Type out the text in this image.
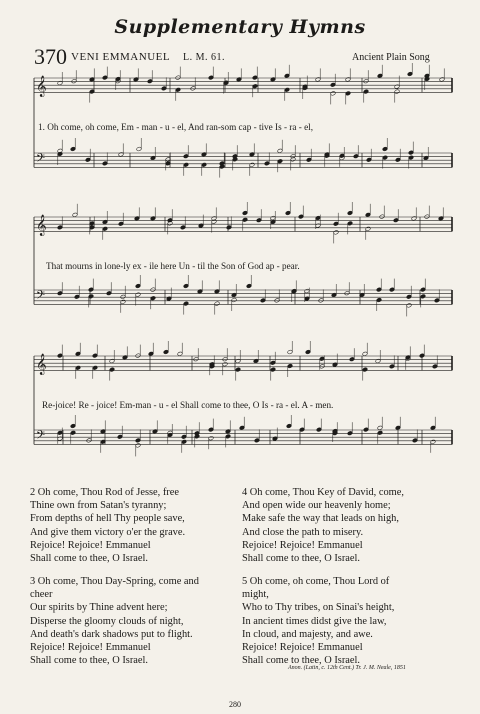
Supplementary Hymns
370 VENI EMMANUEL L. M. 61.	Ancient Plain Song
𝄞
𝄢
𝄞
𝄢
𝄞
𝄢
1. Oh come, oh come, Em - man - u - el, And ran-som cap - tive Is - ra - el,
That mourns in lone-ly ex - ile here Un - til the Son of God ap - pear.
Re-joice! Re - joice! Em-man - u - el Shall come to thee, O Is - ra - el. A - men.
2 Oh come, Thou Rod of Jesse, free
Thine own from Satan's tyranny;
From depths of hell Thy people save,
And give them victory o'er the grave.
Rejoice! Rejoice! Emmanuel
Shall come to thee, O Israel.
4 Oh come, Thou Key of David, come,
And open wide our heavenly home;
Make safe the way that leads on high,
And close the path to misery.
Rejoice! Rejoice! Emmanuel
Shall come to thee, O Israel.
3 Oh come, Thou Day-Spring, come and
cheer
Our spirits by Thine advent here;
Disperse the gloomy clouds of night,
And death's dark shadows put to flight.
Rejoice! Rejoice! Emmanuel
Shall come to thee, O Israel.
5 Oh come, oh come, Thou Lord of
might,
Who to Thy tribes, on Sinai's height,
In ancient times didst give the law,
In cloud, and majesty, and awe.
Rejoice! Rejoice! Emmanuel
Shall come to thee, O Israel.
Anon. (Latin, c. 12th Cent.) Tr. J. M. Neale, 1851
280
